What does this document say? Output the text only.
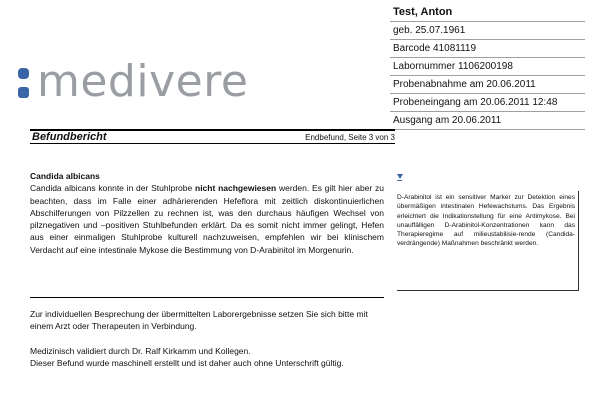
medivere
Test, Anton
geb. 25.07.1961
Barcode 41081119
Labornummer 1106200198
Probenabnahme am 20.06.2011
Probeneingang am 20.06.2011 12:48
Ausgang am 20.06.2011
Befundbericht	Endbefund, Seite 3 von 3
Candida albicans

Candida albicans konnte in der Stuhlprobe nicht nachgewiesen werden. Es gilt hier aber zu beachten, dass im Falle einer adhärierenden Hefeflora mit zeitlich diskontinuierlichen Abschilferungen von Pilzzellen zu rechnen ist, was den durchaus häufigen Wechsel von pilznegativen und –positiven Stuhlbefunden erklärt. Da es somit nicht immer gelingt, Hefen aus einer einmaligen Stuhlprobe kulturell nachzuweisen, empfehlen wir bei klinischem Verdacht auf eine intestinale Mykose die Bestimmung von D-Arabinitol im Morgenurin.

D-Arabinitol ist ein sensitiver Marker zur Detektion eines übermäßigen intestinalen Hefewachstums. Das Ergebnis erleichtert die Indikationstellung für eine Antimykose. Bei unauffälligen D-Arabinitol-Konzentrationen kann das Therapieregime auf milieustabilisie-rende (Candida-verdrängende) Maßnahmen beschränkt werden.

Zur individuellen Besprechung der übermittelten Laborergebnisse setzen Sie sich bitte mit einem Arzt oder Therapeuten in Verbindung.

Medizinisch validiert durch Dr. Ralf Kirkamm und Kollegen.

Dieser Befund wurde maschinell erstellt und ist daher auch ohne Unterschrift gültig.
